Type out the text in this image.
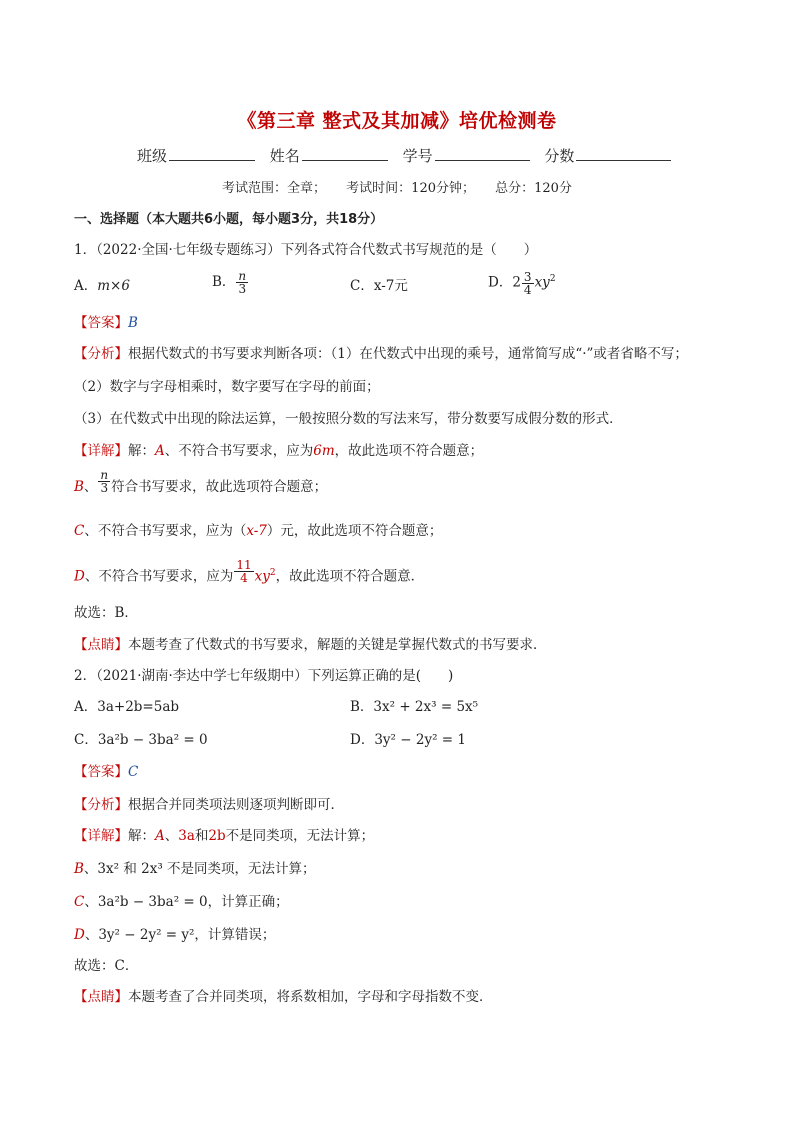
《第三章 整式及其加减》培优检测卷
班级	姓名	学号	分数
考试范围：全章； 考试时间：120分钟； 总分：120分
一、选择题（本大题共6小题，每小题3分，共18分）
1．（2022·全国·七年级专题练习）下列各式符合代数式书写规范的是（　　）
A．m×6	B． $\frac{n}{3}$	C．x-7元	D．$2 \frac{3}{4} xy^2$
【答案】B
【分析】根据代数式的书写要求判断各项：（1）在代数式中出现的乘号，通常简写成“·”或者省略不写；
（2）数字与字母相乘时，数字要写在字母的前面；
（3）在代数式中出现的除法运算，一般按照分数的写法来写，带分数要写成假分数的形式．
【详解】解：A、不符合书写要求，应为6m，故此选项不符合题意；
B、 $\frac{n}{3}$ 符合书写要求，故此选项符合题意；
C、不符合书写要求，应为（x-7）元，故此选项不符合题意；
D、不符合书写要求，应为 $\frac{11}{4} xy^2$，故此选项不符合题意．
故选：B．
【点睛】本题考查了代数式的书写要求，解题的关键是掌握代数式的书写要求．
2．（2021·湖南·李达中学七年级期中）下列运算正确的是(　　)
A．3a+2b=5ab	B．3x² + 2x³ = 5x⁵
C．3a²b − 3ba² = 0	D．3y² − 2y² = 1
【答案】C
【分析】根据合并同类项法则逐项判断即可．
【详解】解：A、3a和2b不是同类项，无法计算；
B、3x² 和 2x³ 不是同类项，无法计算；
C、3a²b − 3ba² = 0，计算正确；
D、3y² − 2y² = y²，计算错误；
故选：C．
【点睛】本题考查了合并同类项，将系数相加，字母和字母指数不变．
